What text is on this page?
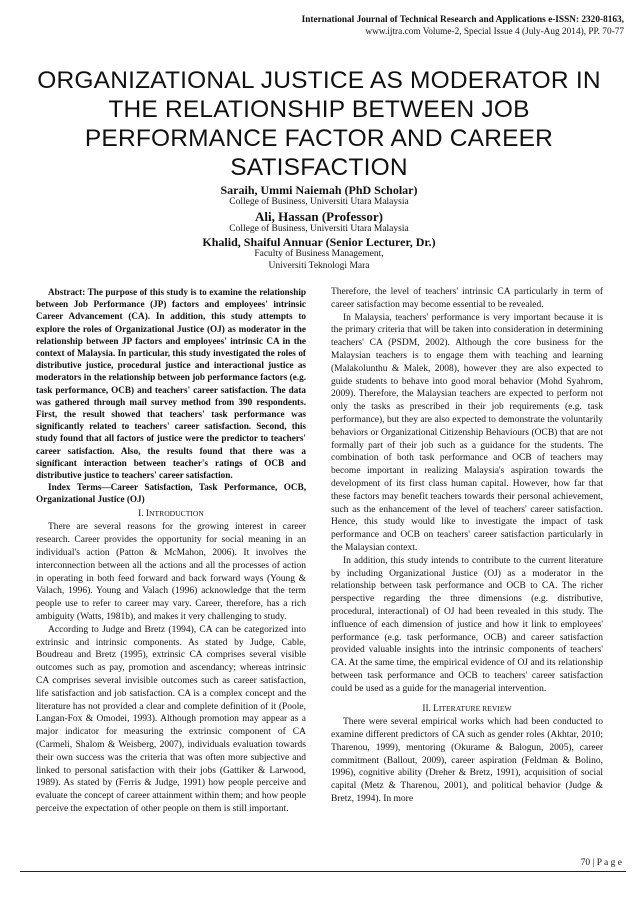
International Journal of Technical Research and Applications e-ISSN: 2320-8163,
www.ijtra.com Volume-2, Special Issue 4 (July-Aug 2014), PP. 70-77
ORGANIZATIONAL JUSTICE AS MODERATOR IN THE RELATIONSHIP BETWEEN JOB PERFORMANCE FACTOR AND CAREER SATISFACTION
Saraih, Ummi Naiemah (PhD Scholar)
College of Business, Universiti Utara Malaysia
Ali, Hassan (Professor)
College of Business, Universiti Utara Malaysia
Khalid, Shaiful Annuar (Senior Lecturer, Dr.)
Faculty of Business Management,
Universiti Teknologi Mara

Abstract: The purpose of this study is to examine the relationship between Job Performance (JP) factors and employees' intrinsic Career Advancement (CA). In addition, this study attempts to explore the roles of Organizational Justice (OJ) as moderator in the relationship between JP factors and employees' intrinsic CA in the context of Malaysia. In particular, this study investigated the roles of distributive justice, procedural justice and interactional justice as moderators in the relationship between job performance factors (e.g. task performance, OCB) and teachers' career satisfaction. The data was gathered through mail survey method from 390 respondents. First, the result showed that teachers' task performance was significantly related to teachers' career satisfaction. Second, this study found that all factors of justice were the predictor to teachers' career satisfaction. Also, the results found that there was a significant interaction between teacher's ratings of OCB and distributive justice to teachers' career satisfaction.

Index Terms—Career Satisfaction, Task Performance, OCB, Organizational Justice (OJ)

I. INTRODUCTION

There are several reasons for the growing interest in career research. Career provides the opportunity for social meaning in an individual's action (Patton & McMahon, 2006). It involves the interconnection between all the actions and all the processes of action in operating in both feed forward and back forward ways (Young & Valach, 1996). Young and Valach (1996) acknowledge that the term people use to refer to career may vary. Career, therefore, has a rich ambiguity (Watts, 1981b), and makes it very challenging to study.

According to Judge and Bretz (1994), CA can be categorized into extrinsic and intrinsic components. As stated by Judge, Cable, Boudreau and Bretz (1995), extrinsic CA comprises several visible outcomes such as pay, promotion and ascendancy; whereas intrinsic CA comprises several invisible outcomes such as career satisfaction, life satisfaction and job satisfaction. CA is a complex concept and the literature has not provided a clear and complete definition of it (Poole, Langan-Fox & Omodei, 1993). Although promotion may appear as a major indicator for measuring the extrinsic component of CA (Carmeli, Shalom & Weisberg, 2007), individuals evaluation towards their own success was the criteria that was often more subjective and linked to personal satisfaction with their jobs (Gattiker & Larwood, 1989). As stated by (Ferris & Judge, 1991) how people perceive and evaluate the concept of career attainment within them; and how people perceive the expectation of other people on them is still important.

Therefore, the level of teachers' intrinsic CA particularly in term of career satisfaction may become essential to be revealed.

In Malaysia, teachers' performance is very important because it is the primary criteria that will be taken into consideration in determining teachers' CA (PSDM, 2002). Although the core business for the Malaysian teachers is to engage them with teaching and learning (Malakolunthu & Malek, 2008), however they are also expected to guide students to behave into good moral behavior (Mohd Syahrom, 2009). Therefore, the Malaysian teachers are expected to perform not only the tasks as prescribed in their job requirements (e.g. task performance), but they are also expected to demonstrate the voluntarily behaviors or Organizational Citizenship Behaviours (OCB) that are not formally part of their job such as a guidance for the students. The combination of both task performance and OCB of teachers may become important in realizing Malaysia's aspiration towards the development of its first class human capital. However, how far that these factors may benefit teachers towards their personal achievement, such as the enhancement of the level of teachers' career satisfaction. Hence, this study would like to investigate the impact of task performance and OCB on teachers' career satisfaction particularly in the Malaysian context.

In addition, this study intends to contribute to the current literature by including Organizational Justice (OJ) as a moderator in the relationship between task performance and OCB to CA. The richer perspective regarding the three dimensions (e.g. distributive, procedural, interactional) of OJ had been revealed in this study. The influence of each dimension of justice and how it link to employees' performance (e.g. task performance, OCB) and career satisfaction provided valuable insights into the intrinsic components of teachers' CA. At the same time, the empirical evidence of OJ and its relationship between task performance and OCB to teachers' career satisfaction could be used as a guide for the managerial intervention.

II. LITERATURE REVIEW

There were several empirical works which had been conducted to examine different predictors of CA such as gender roles (Akhtar, 2010; Tharenou, 1999), mentoring (Okurame & Balogun, 2005), career commitment (Ballout, 2009), career aspiration (Feldman & Bolino, 1996), cognitive ability (Dreher & Bretz, 1991), acquisition of social capital (Metz & Tharenou, 2001), and political behavior (Judge & Bretz, 1994). In more

70 | P a g e
